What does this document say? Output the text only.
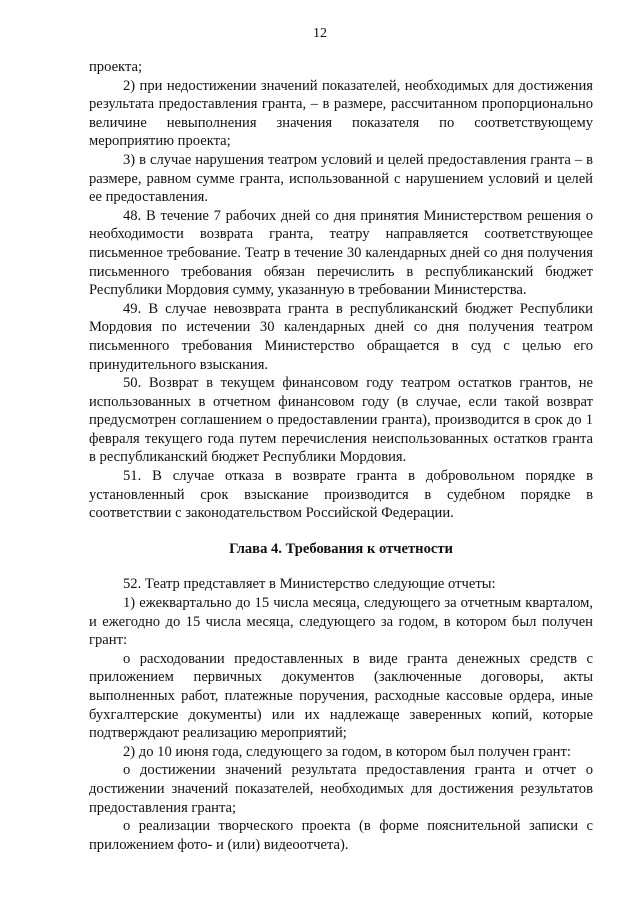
12

проекта;

2) при недостижении значений показателей, необходимых для достижения результата предоставления гранта, – в размере, рассчитанном пропорционально величине невыполнения значения показателя по соответствующему мероприятию проекта;

3) в случае нарушения театром условий и целей предоставления гранта – в размере, равном сумме гранта, использованной с нарушением условий и целей ее предоставления.

48. В течение 7 рабочих дней со дня принятия Министерством решения о необходимости возврата гранта, театру направляется соответствующее письменное требование. Театр в течение 30 календарных дней со дня получения письменного требования обязан перечислить в республиканский бюджет Республики Мордовия сумму, указанную в требовании Министерства.

49. В случае невозврата гранта в республиканский бюджет Республики Мордовия по истечении 30 календарных дней со дня получения театром письменного требования Министерство обращается в суд с целью его принудительного взыскания.

50. Возврат в текущем финансовом году театром остатков грантов, не использованных в отчетном финансовом году (в случае, если такой возврат предусмотрен соглашением о предоставлении гранта), производится в срок до 1 февраля текущего года путем перечисления неиспользованных остатков гранта в республиканский бюджет Республики Мордовия.

51. В случае отказа в возврате гранта в добровольном порядке в установленный срок взыскание производится в судебном порядке в соответствии с законодательством Российской Федерации.

Глава 4. Требования к отчетности

52. Театр представляет в Министерство следующие отчеты:

1) ежеквартально до 15 числа месяца, следующего за отчетным кварталом, и ежегодно до 15 числа месяца, следующего за годом, в котором был получен грант:

о расходовании предоставленных в виде гранта денежных средств с приложением первичных документов (заключенные договоры, акты выполненных работ, платежные поручения, расходные кассовые ордера, иные бухгалтерские документы) или их надлежаще заверенных копий, которые подтверждают реализацию мероприятий;

2) до 10 июня года, следующего за годом, в котором был получен грант:

о достижении значений результата предоставления гранта и отчет о достижении значений показателей, необходимых для достижения результатов предоставления гранта;

о реализации творческого проекта (в форме пояснительной записки с приложением фото- и (или) видеоотчета).
